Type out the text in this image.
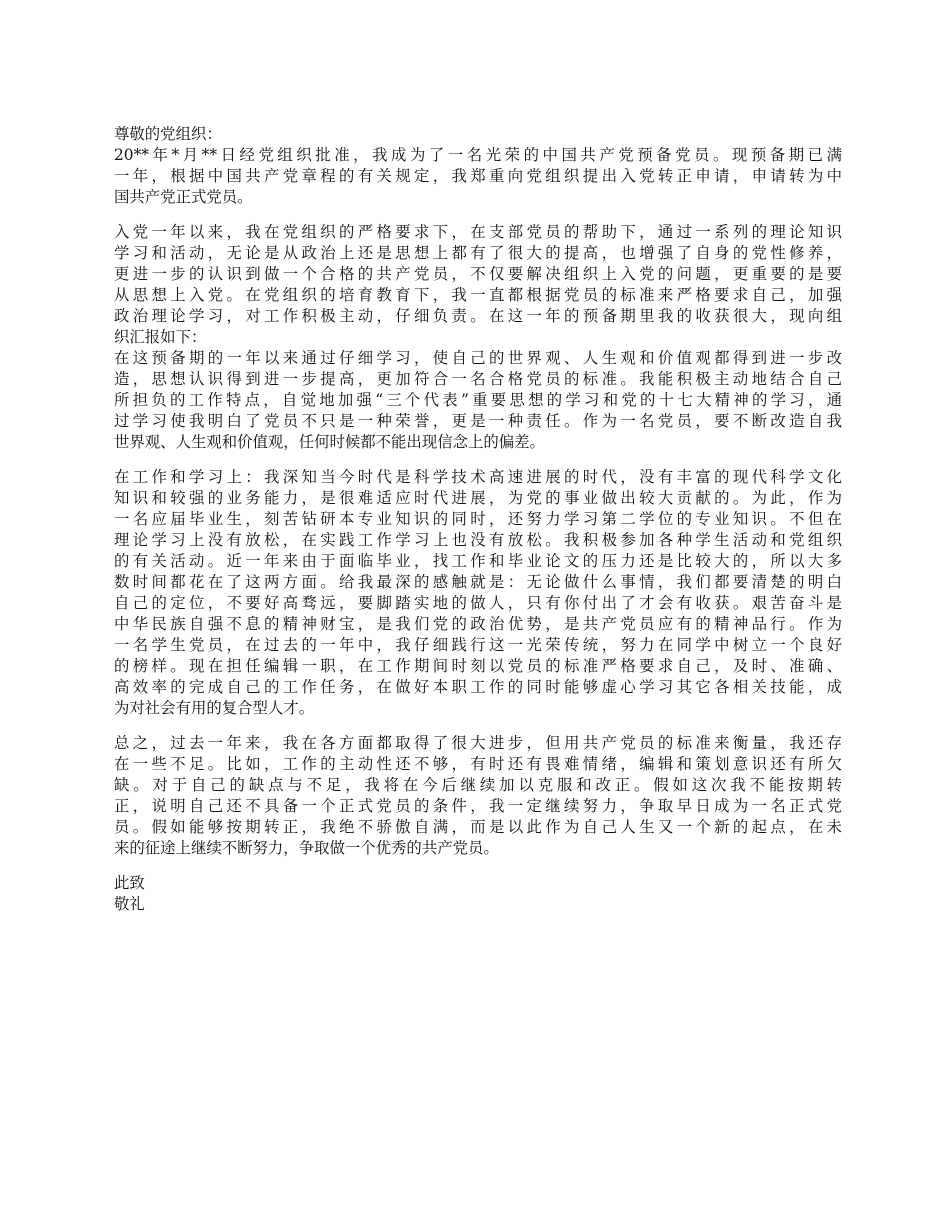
尊敬的党组织：

20**年*月**日经党组织批准，我成为了一名光荣的中国共产党预备党员。现预备期已满
一年，根据中国共产党章程的有关规定，我郑重向党组织提出入党转正申请，申请转为中
国共产党正式党员。

入党一年以来，我在党组织的严格要求下，在支部党员的帮助下，通过一系列的理论知识
学习和活动，无论是从政治上还是思想上都有了很大的提高，也增强了自身的党性修养，
更进一步的认识到做一个合格的共产党员，不仅要解决组织上入党的问题，更重要的是要
从思想上入党。在党组织的培育教育下，我一直都根据党员的标准来严格要求自己，加强
政治理论学习，对工作积极主动，仔细负责。在这一年的预备期里我的收获很大，现向组
织汇报如下：

在这预备期的一年以来通过仔细学习，使自己的世界观、人生观和价值观都得到进一步改
造，思想认识得到进一步提高，更加符合一名合格党员的标准。我能积极主动地结合自己
所担负的工作特点，自觉地加强“三个代表”重要思想的学习和党的十七大精神的学习，通
过学习使我明白了党员不只是一种荣誉，更是一种责任。作为一名党员，要不断改造自我
世界观、人生观和价值观，任何时候都不能出现信念上的偏差。

在工作和学习上：我深知当今时代是科学技术高速进展的时代，没有丰富的现代科学文化
知识和较强的业务能力，是很难适应时代进展，为党的事业做出较大贡献的。为此，作为
一名应届毕业生，刻苦钻研本专业知识的同时，还努力学习第二学位的专业知识。不但在
理论学习上没有放松，在实践工作学习上也没有放松。我积极参加各种学生活动和党组织
的有关活动。近一年来由于面临毕业，找工作和毕业论文的压力还是比较大的，所以大多
数时间都花在了这两方面。给我最深的感触就是：无论做什么事情，我们都要清楚的明白
自己的定位，不要好高骛远，要脚踏实地的做人，只有你付出了才会有收获。艰苦奋斗是
中华民族自强不息的精神财宝，是我们党的政治优势，是共产党员应有的精神品行。作为
一名学生党员，在过去的一年中，我仔细践行这一光荣传统，努力在同学中树立一个良好
的榜样。现在担任编辑一职，在工作期间时刻以党员的标准严格要求自己，及时、准确、
高效率的完成自己的工作任务，在做好本职工作的同时能够虚心学习其它各相关技能，成
为对社会有用的复合型人才。

总之，过去一年来，我在各方面都取得了很大进步，但用共产党员的标准来衡量，我还存
在一些不足。比如，工作的主动性还不够，有时还有畏难情绪，编辑和策划意识还有所欠
缺。对于自己的缺点与不足，我将在今后继续加以克服和改正。假如这次我不能按期转
正，说明自己还不具备一个正式党员的条件，我一定继续努力，争取早日成为一名正式党
员。假如能够按期转正，我绝不骄傲自满，而是以此作为自己人生又一个新的起点，在未
来的征途上继续不断努力，争取做一个优秀的共产党员。

此致

敬礼
